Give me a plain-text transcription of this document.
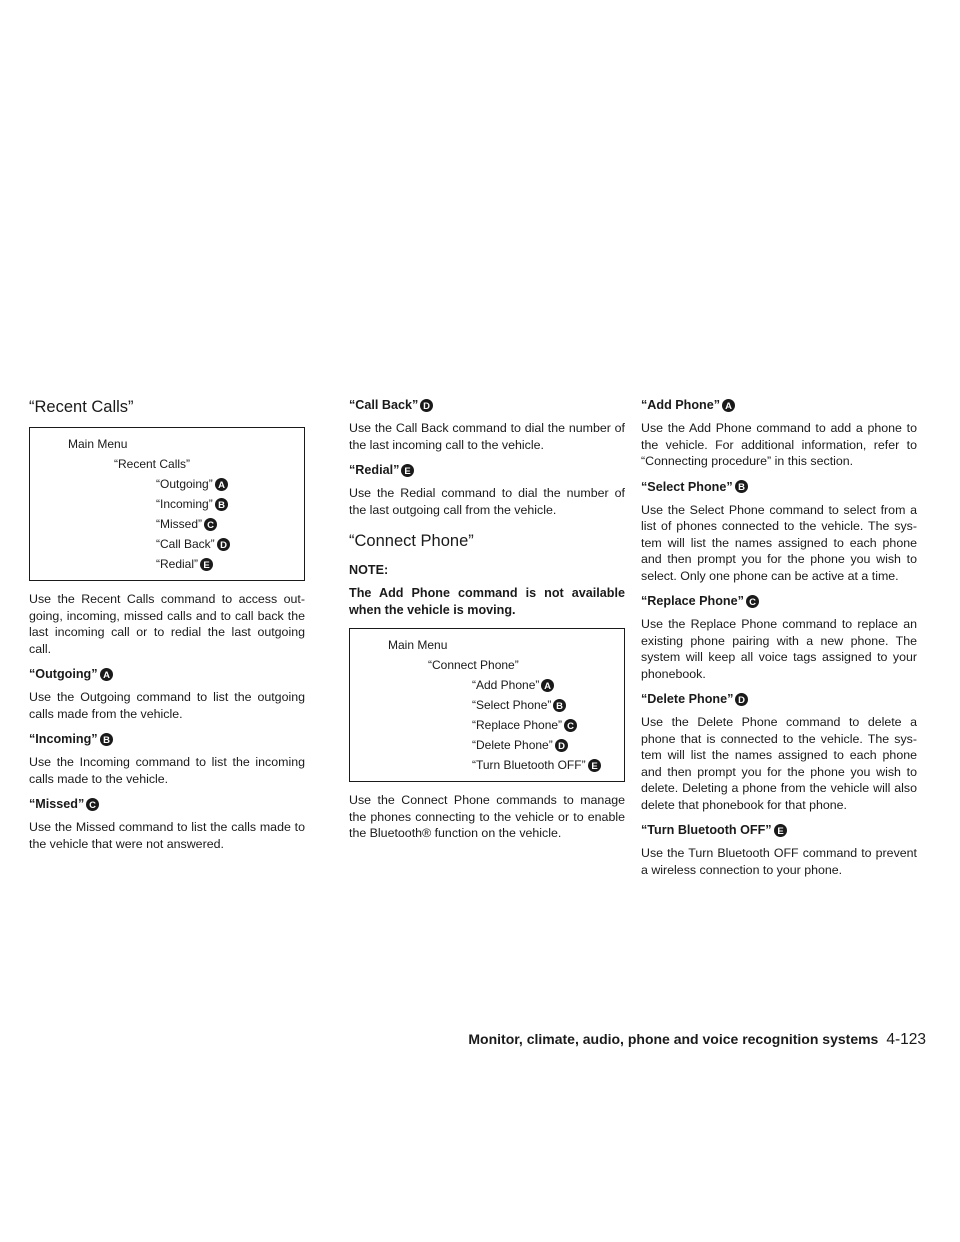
“Recent Calls”
Main Menu
“Recent Calls”
“Outgoing” A
“Incoming” B
“Missed” C
“Call Back” D
“Redial” E

Use the Recent Calls command to access out-going, incoming, missed calls and to call back the last incoming call or to redial the last outgoing call.

“Outgoing” A

Use the Outgoing command to list the outgoing calls made from the vehicle.

“Incoming” B

Use the Incoming command to list the incoming calls made to the vehicle.

“Missed” C

Use the Missed command to list the calls made to the vehicle that were not answered.

“Call Back” D

Use the Call Back command to dial the number of the last incoming call to the vehicle.

“Redial” E

Use the Redial command to dial the number of the last outgoing call from the vehicle.

“Connect Phone”
NOTE:

The Add Phone command is not available when the vehicle is moving.

Main Menu
“Connect Phone”
“Add Phone” A
“Select Phone” B
“Replace Phone” C
“Delete Phone” D
“Turn Bluetooth OFF” E

Use the Connect Phone commands to manage the phones connecting to the vehicle or to enable the Bluetooth® function on the vehicle.

“Add Phone” A

Use the Add Phone command to add a phone to the vehicle. For additional information, refer to “Connecting procedure” in this section.

“Select Phone” B

Use the Select Phone command to select from a list of phones connected to the vehicle. The sys-tem will list the names assigned to each phone and then prompt you for the phone you wish to select. Only one phone can be active at a time.

“Replace Phone” C

Use the Replace Phone command to replace an existing phone pairing with a new phone. The system will keep all voice tags assigned to your phonebook.

“Delete Phone” D

Use the Delete Phone command to delete a phone that is connected to the vehicle. The sys-tem will list the names assigned to each phone and then prompt you for the phone you wish to delete. Deleting a phone from the vehicle will also delete that phonebook for that phone.

“Turn Bluetooth OFF” E

Use the Turn Bluetooth OFF command to prevent a wireless connection to your phone.

Monitor, climate, audio, phone and voice recognition systems 4-123
